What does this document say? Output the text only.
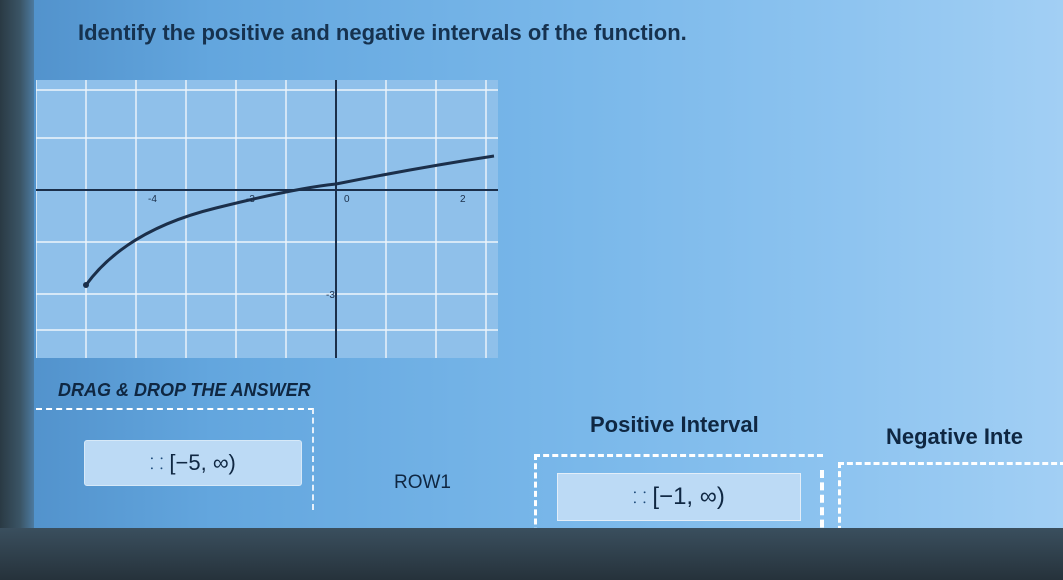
Identify the positive and negative intervals of the function.
-4	-3	0	2
-3
DRAG & DROP THE ANSWER
⸬ [−5, ∞)
Positive Interval	Negative Inte
ROW1
⸬ [−1, ∞)
